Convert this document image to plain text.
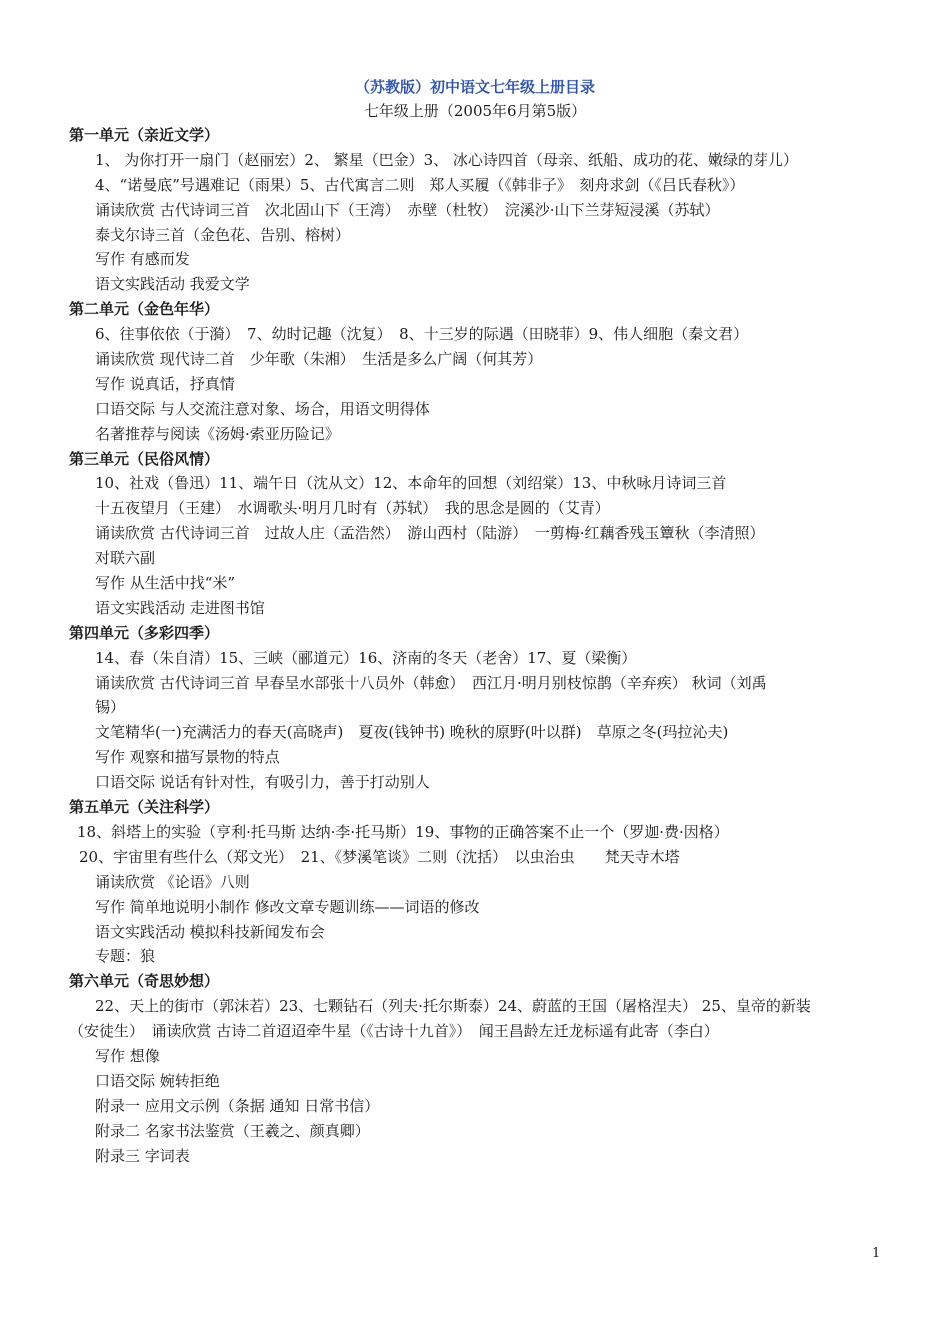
（苏教版）初中语文七年级上册目录
七年级上册（2005年6月第5版）
第一单元（亲近文学）
1、 为你打开一扇门（赵丽宏）2、 繁星（巴金）3、 冰心诗四首（母亲、纸船、成功的花、嫩绿的芽儿）
4、“诺曼底”号遇难记（雨果）5、古代寓言二则　郑人买履（《韩非子》　刻舟求剑（《吕氏春秋》）
诵读欣赏 古代诗词三首　次北固山下（王湾）　赤壁（杜牧）　浣溪沙·山下兰芽短浸溪（苏轼）
泰戈尔诗三首（金色花、告别、榕树）
写作 有感而发
语文实践活动 我爱文学
第二单元（金色年华）
6、往事依依（于漪）　7、幼时记趣（沈复）　8、十三岁的际遇（田晓菲）9、伟人细胞（秦文君）
诵读欣赏 现代诗二首　少年歌（朱湘）　生活是多么广阔（何其芳）
写作 说真话，抒真情
口语交际 与人交流注意对象、场合，用语文明得体
名著推荐与阅读《汤姆·索亚历险记》
第三单元（民俗风情）
10、社戏（鲁迅）11、端午日（沈从文）12、本命年的回想（刘绍棠）13、中秋咏月诗词三首
十五夜望月（王建）　水调歌头·明月几时有（苏轼）　我的思念是圆的（艾青）
诵读欣赏 古代诗词三首　过故人庄（孟浩然）　游山西村（陆游）　一剪梅·红藕香残玉簟秋（李清照）
对联六副
写作 从生活中找“米”
语文实践活动 走进图书馆
第四单元（多彩四季）
14、春（朱自清）15、三峡（郦道元）16、济南的冬天（老舍）17、夏（梁衡）
诵读欣赏 古代诗词三首 早春呈水部张十八员外（韩愈）　西江月·明月别枝惊鹊（辛弃疾） 秋词（刘禹
锡）
文笔精华(一)充满活力的春天(高晓声)　夏夜(钱钟书) 晚秋的原野(叶以群)　草原之冬(玛拉沁夫)
写作 观察和描写景物的特点
口语交际 说话有针对性，有吸引力，善于打动别人
第五单元（关注科学）
18、斜塔上的实验（亨利·托马斯 达纳·李·托马斯）19、事物的正确答案不止一个（罗迦·费·因格）
20、宇宙里有些什么（郑文光）　21、《梦溪笔谈》二则（沈括）　以虫治虫　　梵天寺木塔
诵读欣赏 《论语》八则
写作 简单地说明小制作 修改文章专题训练——词语的修改
语文实践活动 模拟科技新闻发布会
专题：狼
第六单元（奇思妙想）
22、天上的街市（郭沫若）23、七颗钻石（列夫·托尔斯泰）24、蔚蓝的王国（屠格涅夫） 25、皇帝的新装
（安徒生）　诵读欣赏 古诗二首迢迢牵牛星（《古诗十九首》）　闻王昌龄左迁龙标遥有此寄（李白）
写作 想像
口语交际 婉转拒绝
附录一 应用文示例（条据 通知 日常书信）
附录二 名家书法鉴赏（王羲之、颜真卿）
附录三 字词表
1
